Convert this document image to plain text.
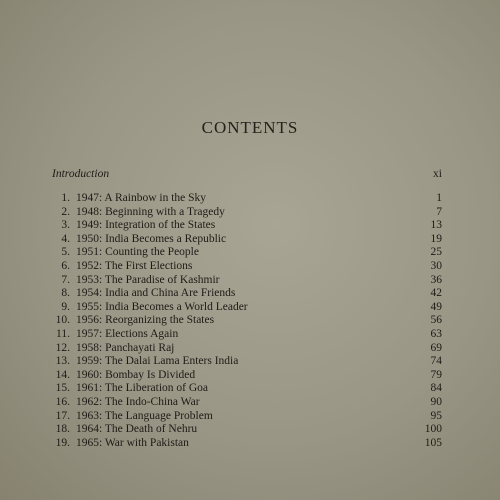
CONTENTS
Introduction	xi
1. 1947: A Rainbow in the Sky	1
2. 1948: Beginning with a Tragedy	7
3. 1949: Integration of the States	13
4. 1950: India Becomes a Republic	19
5. 1951: Counting the People	25
6. 1952: The First Elections	30
7. 1953: The Paradise of Kashmir	36
8. 1954: India and China Are Friends	42
9. 1955: India Becomes a World Leader	49
10. 1956: Reorganizing the States	56
11. 1957: Elections Again	63
12. 1958: Panchayati Raj	69
13. 1959: The Dalai Lama Enters India	74
14. 1960: Bombay Is Divided	79
15. 1961: The Liberation of Goa	84
16. 1962: The Indo-China War	90
17. 1963: The Language Problem	95
18. 1964: The Death of Nehru	100
19. 1965: War with Pakistan	105
